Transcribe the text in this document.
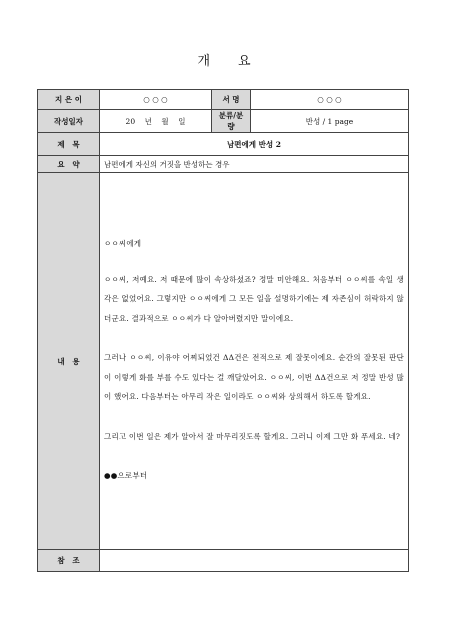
개 요
지 은 이	○ ○ ○	서 명	○ ○ ○
작성일자	20    년    월    일	분류/분량	반성 / 1 page
제   목	남편에게 반성 2		
요   약	남편에게 자신의 거짓을 반성하는 경우		
내   용	ㅇㅇ씨에게

ㅇㅇ씨, 저예요. 저 때문에 많이 속상하셨죠? 정말 미안해요. 처음부터 ㅇㅇ씨를 속일 생각은 없었어요. 그렇지만 ㅇㅇ씨에게 그 모든 일을 설명하기에는 제 자존심이 허락하지 않더군요. 결과적으로 ㅇㅇ씨가 다 알아버렸지만 말이에요.

그러나 ㅇㅇ씨, 이유야 어찌되었건 ΔΔ건은 전적으로 제 잘못이에요. 순간의 잘못된 판단이 이렇게 화를 부를 수도 있다는 걸 깨달았어요. ㅇㅇ씨, 이번 ΔΔ건으로 저 정말 반성 많이 했어요. 다음부터는 아무리 작은 일이라도 ㅇㅇ씨와 상의해서 하도록 할게요.

그리고 이번 일은 제가 알아서 잘 마무리짓도록 할게요. 그러니 이제 그만 화 푸세요. 네?

●●으로부터		

참   조			
